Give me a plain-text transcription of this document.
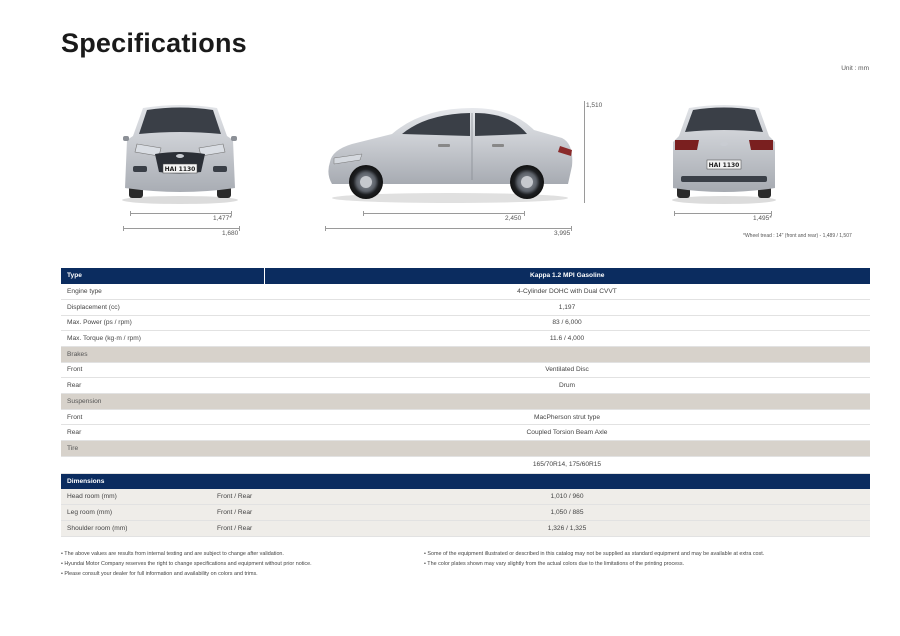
Specifications
Unit : mm
HAI 1130
HAI 1130
1,477*
1,680
2,450
3,995
1,510
1,495*
*Wheel tread : 14" (front and rear) - 1,489 / 1,507
Type		Kappa 1.2 MPI Gasoline
Engine type		4-Cylinder DOHC with Dual CVVT
Displacement (cc)		1,197
Max. Power (ps / rpm)		83 / 6,000
Max. Torque (kg·m / rpm)		11.6 / 4,000
Brakes		
Front		Ventilated Disc
Rear		Drum
Suspension		
Front		MacPherson strut type
Rear		Coupled Torsion Beam Axle
Tire		
		165/70R14, 175/60R15
Dimensions		
Head room (mm)	Front / Rear	1,010 / 960
Leg room (mm)	Front / Rear	1,050 / 885
Shoulder room (mm)	Front / Rear	1,326 / 1,325
• The above values are results from internal testing and are subject to change after validation.
• Hyundai Motor Company reserves the right to change specifications and equipment without prior notice.
• Please consult your dealer for full information and availability on colors and trims.
• Some of the equipment illustrated or described in this catalog may not be supplied as standard equipment and may be available at extra cost.
• The color plates shown may vary slightly from the actual colors due to the limitations of the printing process.
